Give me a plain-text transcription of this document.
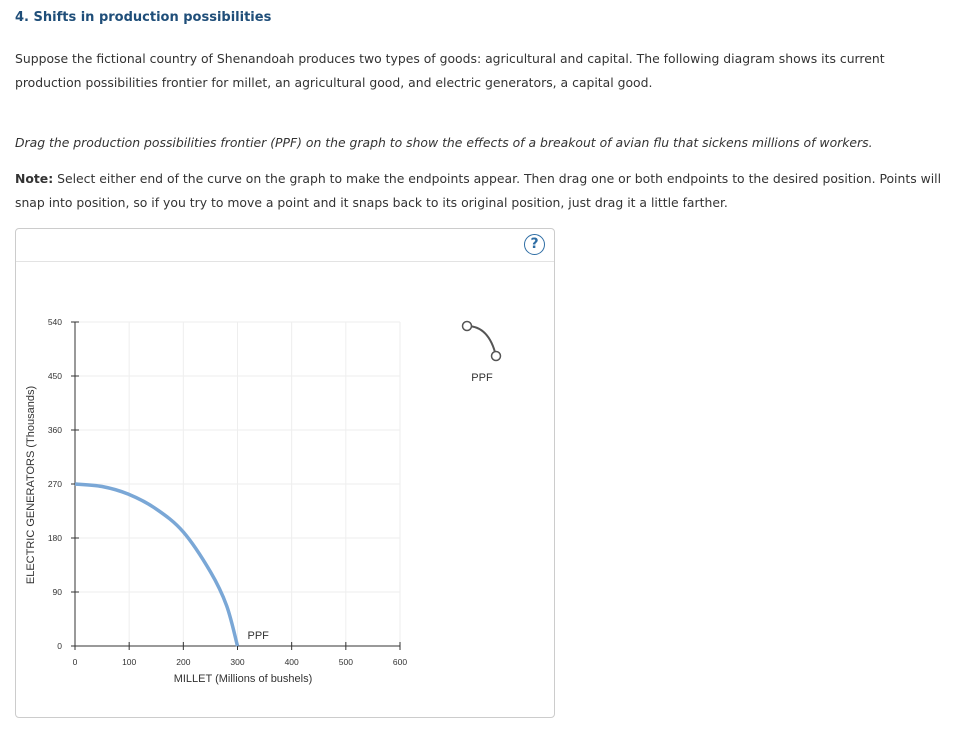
4. Shifts in production possibilities

Suppose the fictional country of Shenandoah produces two types of goods: agricultural and capital. The following diagram shows its current production possibilities frontier for millet, an agricultural good, and electric generators, a capital good.

Drag the production possibilities frontier (PPF) on the graph to show the effects of a breakout of avian flu that sickens millions of workers.

Note: Select either end of the curve on the graph to make the endpoints appear. Then drag one or both endpoints to the desired position. Points will snap into position, so if you try to move a point and it snaps back to its original position, just drag it a little farther.

?
0	100	200	300	400	500	600
0
90
180
270
360
450
540
PPF
MILLET (Millions of bushels)
ELECTRIC GENERATORS (Thousands)
PPF
